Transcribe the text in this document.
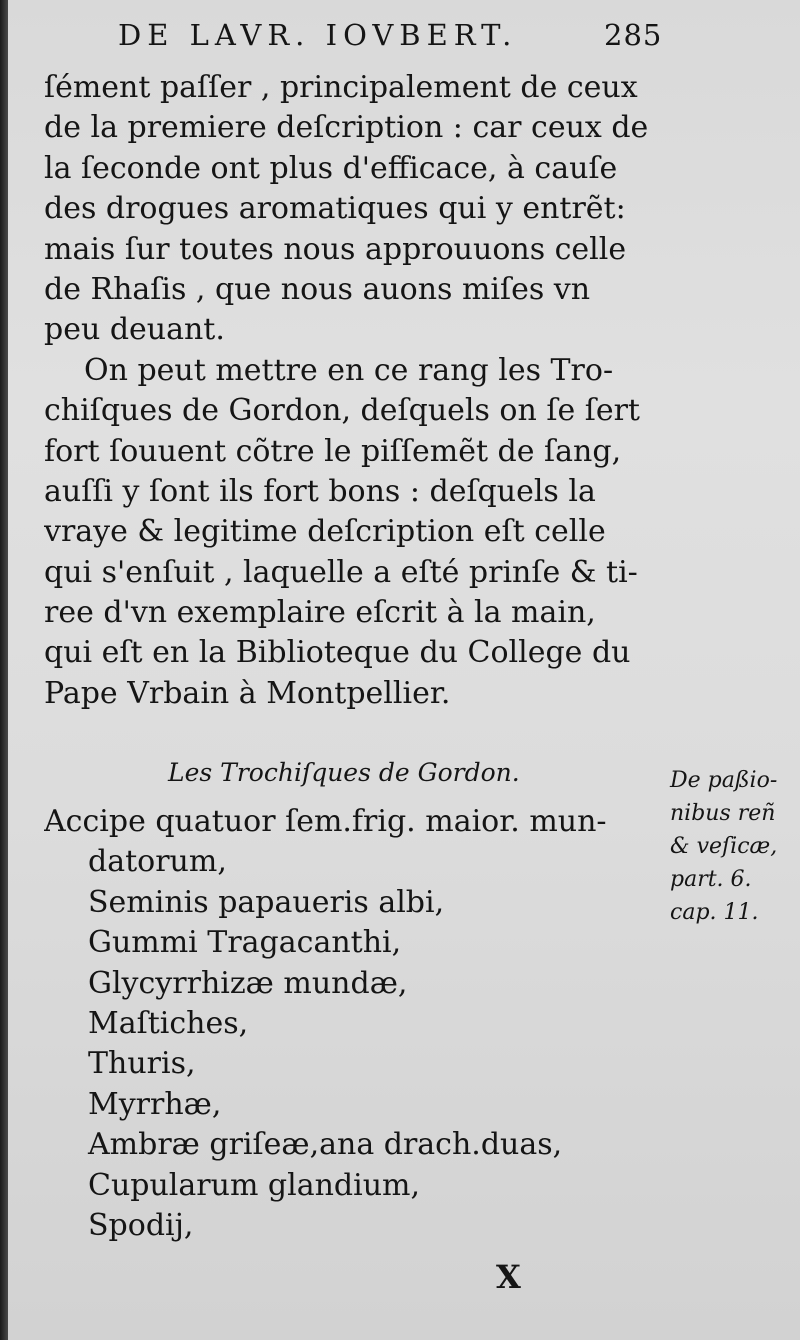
DE LAVR. IOVBERT.	285
ſément paſſer , principalement de ceux
de la premiere deſcription : car ceux de
la ſeconde ont plus d'efficace, à cauſe
des drogues aromatiques qui y entrẽt:
mais ſur toutes nous approuuons celle
de Rhaſis , que nous auons miſes vn
peu deuant.
On peut mettre en ce rang les Tro-
chiſques de Gordon, deſquels on ſe ſert
fort ſouuent cõtre le piſſemẽt de ſang,
auſſi y ſont ils fort bons : deſquels la
vraye & legitime deſcription eſt celle
qui s'enſuit , laquelle a eſté prinſe & ti-
ree d'vn exemplaire eſcrit à la main,
qui eſt en la Biblioteque du College du
Pape Vrbain à Montpellier.
Les Trochiſques de Gordon.
Accipe quatuor ſem.frig. maior. mun-
datorum,
Seminis papaueris albi,
Gummi Tragacanthi,
Glycyrrhizæ mundæ,
Maſtiches,
Thuris,
Myrrhæ,
Ambræ griſeæ,ana drach.duas,
Cupularum glandium,
Spodij,
De paßio-
nibus reñ
& veſicæ,
part. 6.
cap. 11.
X
